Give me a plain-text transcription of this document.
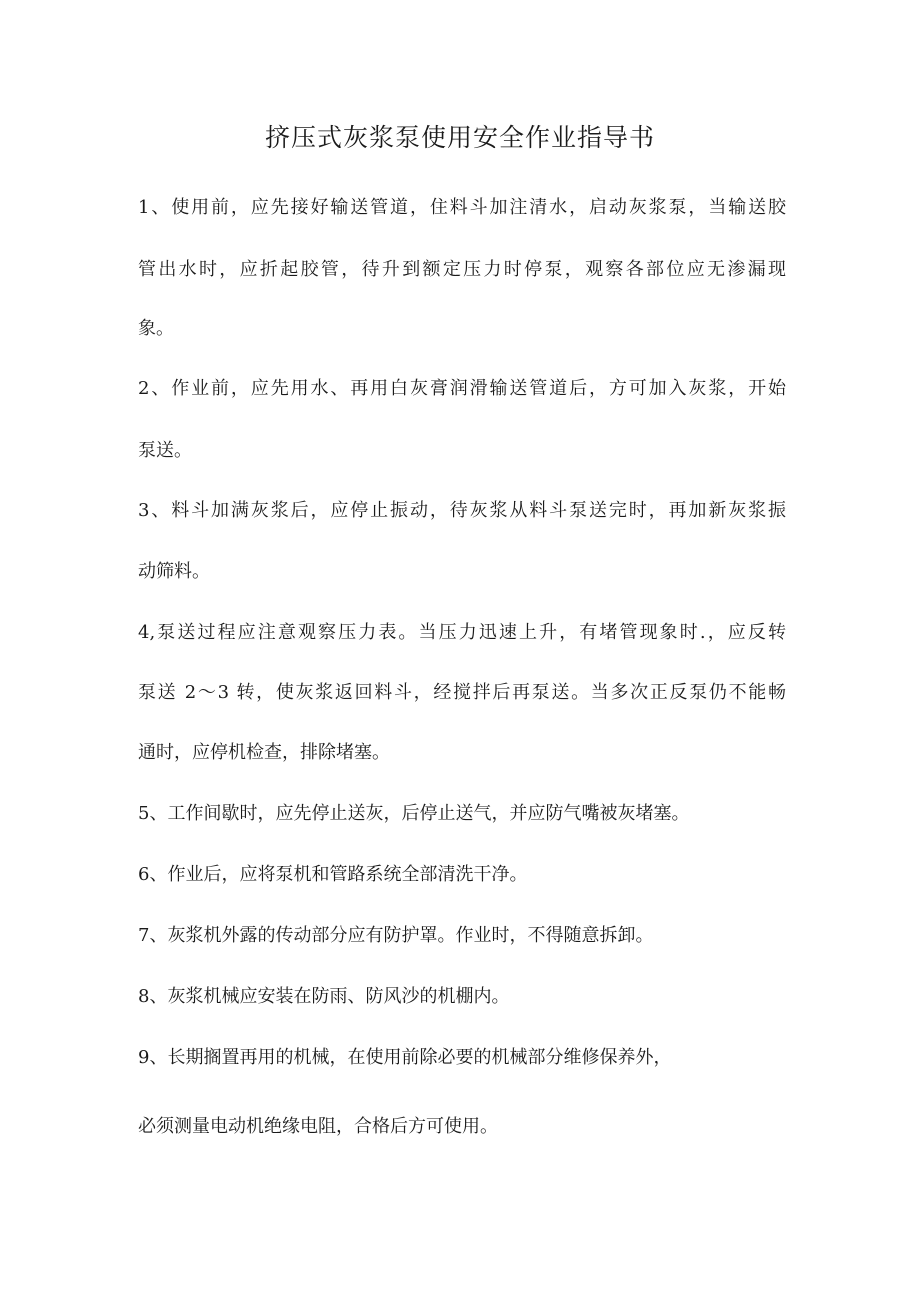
挤压式灰浆泵使用安全作业指导书
1、使用前，应先接好输送管道，住料斗加注清水，启动灰浆泵，当输送胶
管出水时，应折起胶管，待升到额定压力时停泵，观察各部位应无渗漏现
象。
2、作业前，应先用水、再用白灰膏润滑输送管道后，方可加入灰浆，开始
泵送。
3、料斗加满灰浆后，应停止振动，待灰浆从料斗泵送完时，再加新灰浆振
动筛料。
4,泵送过程应注意观察压力表。当压力迅速上升，有堵管现象时.，应反转
泵送 2～3 转，使灰浆返回料斗，经搅拌后再泵送。当多次正反泵仍不能畅
通时，应停机检查，排除堵塞。
5、工作间歇时，应先停止送灰，后停止送气，并应防气嘴被灰堵塞。
6、作业后，应将泵机和管路系统全部清洗干净。
7、灰浆机外露的传动部分应有防护罩。作业时，不得随意拆卸。
8、灰浆机械应安装在防雨、防风沙的机棚内。
9、长期搁置再用的机械，在使用前除必要的机械部分维修保养外，
必须测量电动机绝缘电阻，合格后方可使用。
